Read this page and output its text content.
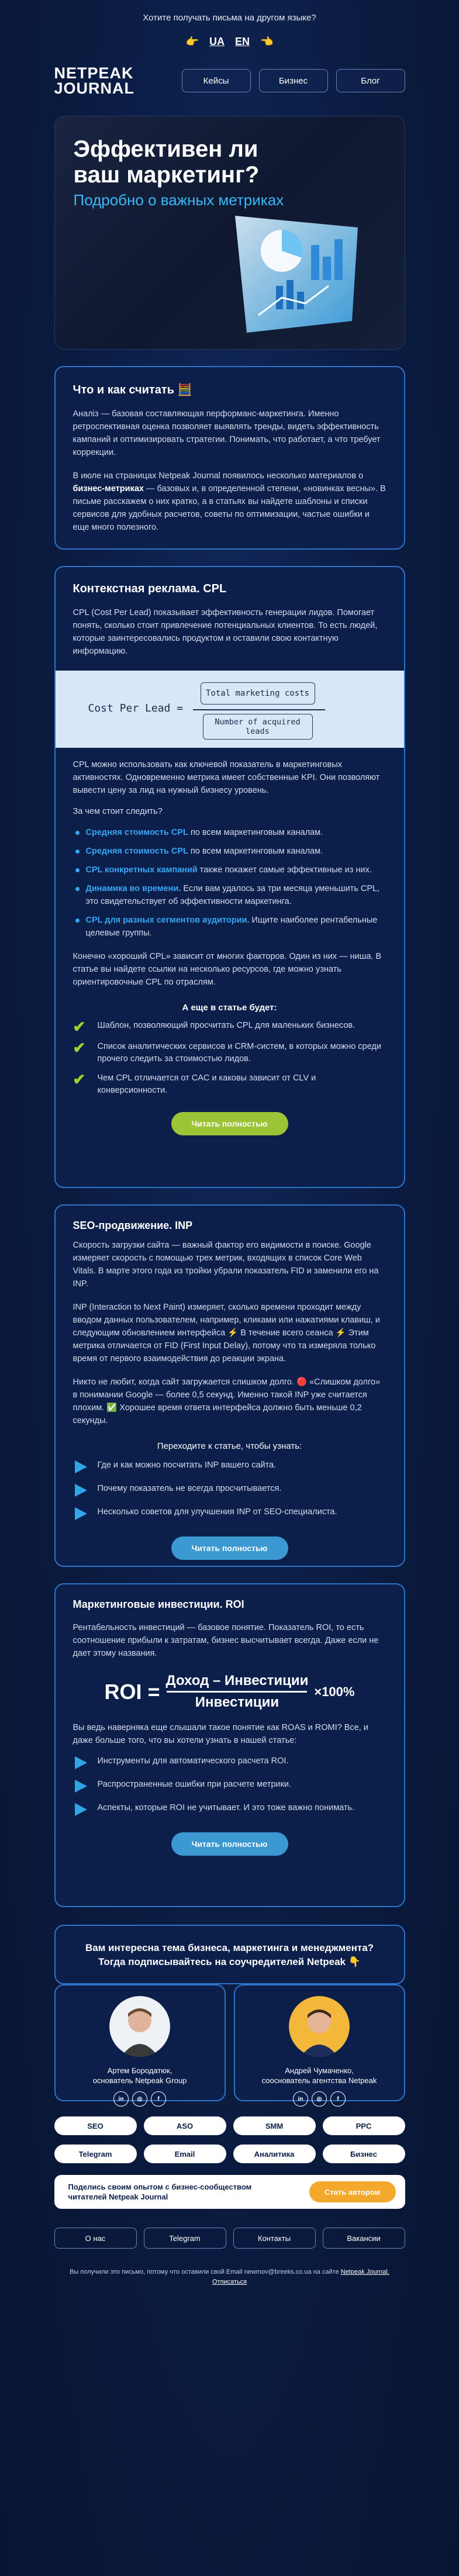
Хотите получать письма на другом языке?
👉 UA EN 👈
NETPEAK
JOURNAL	Кейсы	Бизнес	Блог
Эффективен ли ваш маркетинг?
Подробно о важных метриках
Что и как считать 🧮

Аналіз — базовая составляющая перформанс-маркетинга. Именно ретроспективная оценка позволяет выявлять тренды, видеть эффективность кампаний и оптимизировать стратегии. Понимать, что работает, а что требует коррекции.

В июле на страницах Netpeak Journal появилось несколько материалов о бизнес-метриках — базовых и, в определенной степени, «новинках весны». В письме расскажем о них кратко, а в статьях вы найдете шаблоны и списки сервисов для удобных расчетов, советы по оптимизации, частые ошибки и еще много полезного.

Контекстная реклама. CPL

CPL (Cost Per Lead) показывает эффективность генерации лидов. Помогает понять, сколько стоит привлечение потенциальных клиентов. То есть людей, которые заинтересовались продуктом и оставили свою контактную информацию.

Cost Per Lead =
Total marketing costs
Number of acquired leads

CPL можно использовать как ключевой показатель в маркетинговых активностях. Одновременно метрика имеет собственные KPI. Они позволяют вывести цену за лид на нужный бизнесу уровень.

За чем стоит следить?

Средняя стоимость CPL по всем маркетинговым каналам.
Средняя стоимость CPL по всем маркетинговым каналам.
CPL конкретных кампаний также покажет самые эффективные из них.
Динамика во времени. Если вам удалось за три месяца уменьшить CPL, это свидетельствует об эффективности маркетинга.
CPL для разных сегментов аудитории. Ищите наиболее рентабельные целевые группы.

Конечно «хороший CPL» зависит от многих факторов. Один из них — ниша. В статье вы найдете ссылки на несколько ресурсов, где можно узнать ориентировочные CPL по отраслям.

А еще в статье будет:
✔ Шаблон, позволяющий просчитать CPL для маленьких бизнесов.
✔ Список аналитических сервисов и CRM-систем, в которых можно среди прочего следить за стоимостью лидов.
✔ Чем CPL отличается от CAC и каковы зависит от CLV и конверсионности.
Читать полностью
SEO-продвижение. INP

Скорость загрузки сайта — важный фактор его видимости в поиске. Google измеряет скорость с помощью трех метрик, входящих в список Core Web Vitals. В марте этого года из тройки убрали показатель FID и заменили его на INP.

INP (Interaction to Next Paint) измеряет, сколько времени проходит между вводом данных пользователем, например, кликами или нажатиями клавиш, и следующим обновлением интерфейса ⚡️ В течение всего сеанса ⚡️ Этим метрика отличается от FID (First Input Delay), потому что та измеряла только время от первого взаимодействия до реакции экрана.

Никто не любит, когда сайт загружается слишком долго. 🔴 «Слишком долго» в понимании Google — более 0,5 секунд. Именно такой INP уже считается плохим. ✅ Хорошее время ответа интерфейса должно быть меньше 0,2 секунды.

Переходите к статье, чтобы узнать:
Где и как можно посчитать INP вашего сайта.
Почему показатель не всегда просчитывается.
Несколько советов для улучшения INP от SEO-специалиста.
Читать полностью
Маркетинговые инвестиции. ROI

Рентабельность инвестиций — базовое понятие. Показатель ROI, то есть соотношение прибыли к затратам, бизнес высчитывает всегда. Даже если не дает этому названия.

ROI = $\frac{\text{Доход – Инвестиции}}{\text{Инвестиции}} \times 100\%$

Вы ведь наверняка еще слышали такое понятие как ROAS и ROMI? Все, и даже больше того, что вы хотели узнать в нашей статье:

Инструменты для автоматического расчета ROI.
Распространенные ошибки при расчете метрики.
Аспекты, которые ROI не учитывает. И это тоже важно понимать.
Читать полностью
Вам интересна тема бизнеса, маркетинга и менеджмента? Тогда подписывайтесь на соучредителей Netpeak 👇
Артем Бородатюк,
основатель Netpeak Group
in	◎	f
Андрей Чумаченко,
сооснователь агентства Netpeak
in	◎	f
SEO	ASO	SMM	PPC
Telegram	Email	Аналитика	Бизнес
Поделись своим опытом с бизнес-сообществом читателей Netpeak Journal
Стать автором
О нас	Telegram	Контакты	Вакансии
Вы получили это письмо, потому что оставили свой Email newmov@breeks.co.ua на сайте Netpeak Journal.
Отписаться
